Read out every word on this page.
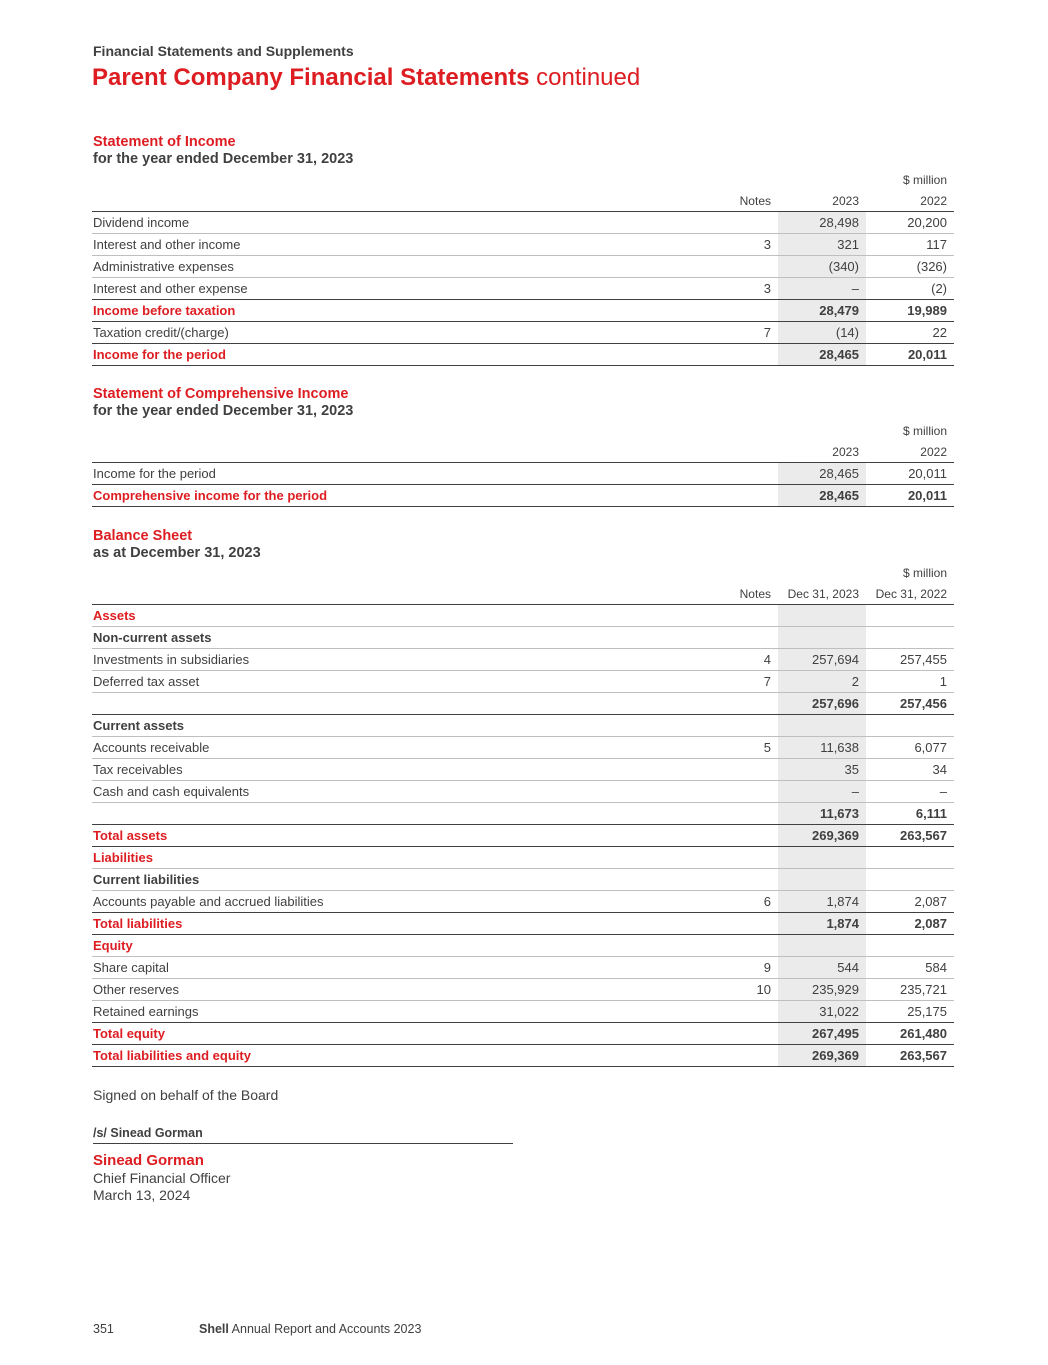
Financial Statements and Supplements
Parent Company Financial Statements continued
Statement of Income
for the year ended December 31, 2023
			$ million
	Notes	2023	2022
Dividend income		28,498	20,200
Interest and other income	3	321	117
Administrative expenses		(340)	(326)
Interest and other expense	3	–	(2)
Income before taxation		28,479	19,989
Taxation credit/(charge)	7	(14)	22
Income for the period		28,465	20,011
Statement of Comprehensive Income
for the year ended December 31, 2023
			$ million
		2023	2022
Income for the period		28,465	20,011
Comprehensive income for the period		28,465	20,011
Balance Sheet
as at December 31, 2023
			$ million
	Notes	Dec 31, 2023	Dec 31, 2022
Assets			
Non-current assets			
Investments in subsidiaries	4	257,694	257,455
Deferred tax asset	7	2	1
		257,696	257,456
Current assets			
Accounts receivable	5	11,638	6,077
Tax receivables		35	34
Cash and cash equivalents		–	–
		11,673	6,111
Total assets		269,369	263,567
Liabilities			
Current liabilities			
Accounts payable and accrued liabilities	6	1,874	2,087
Total liabilities		1,874	2,087
Equity			
Share capital	9	544	584
Other reserves	10	235,929	235,721
Retained earnings		31,022	25,175
Total equity		267,495	261,480
Total liabilities and equity		269,369	263,567
Signed on behalf of the Board
/s/ Sinead Gorman
Sinead Gorman
Chief Financial Officer
March 13, 2024
351	Shell Annual Report and Accounts 2023
